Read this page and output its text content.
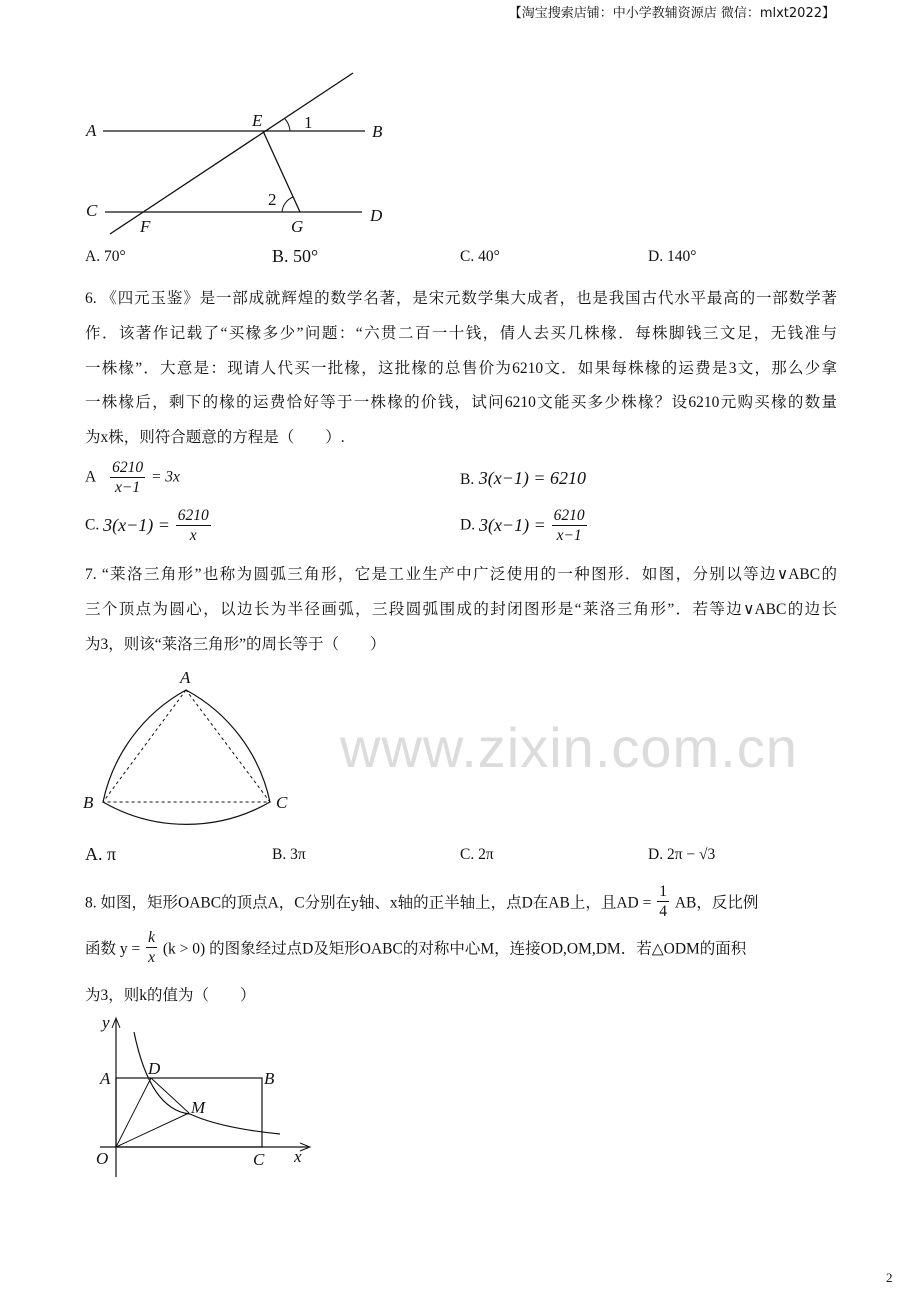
【淘宝搜索店铺：中小学教辅资源店 微信：mlxt2022】
www.zixin.com.cn
A	B
C	D
E
F	G
1
2
A. 70°	B. 50°	C. 40°	D. 140°
6. 《四元玉鉴》是一部成就辉煌的数学名著，是宋元数学集大成者，也是我国古代水平最高的一部数学著
作．该著作记载了“买椽多少”问题：“六贯二百一十钱，倩人去买几株椽．每株脚钱三文足，无钱准与
一株椽”．大意是：现请人代买一批椽，这批椽的总售价为6210文．如果每株椽的运费是3文，那么少拿
一株椽后，剩下的椽的运费恰好等于一株椽的价钱，试问6210文能买多少株椽？设6210元购买椽的数量
为x株，则符合题意的方程是（　　）.
A $\frac{6210}{x-1} = 3x$	B. 3(x−1) = 6210
C. $3(x-1) = \frac{6210}{x}$	D. $3(x-1) = \frac{6210}{x-1}$
7. “莱洛三角形”也称为圆弧三角形，它是工业生产中广泛使用的一种图形．如图，分别以等边∨ABC的
三个顶点为圆心，以边长为半径画弧，三段圆弧围成的封闭图形是“莱洛三角形”．若等边∨ABC的边长
为3，则该“莱洛三角形”的周长等于（　　）
A
B	C
A. π	B. 3π	C. 2π	D. 2π − √3
8. 如图，矩形OABC的顶点A，C分别在y轴、x轴的正半轴上，点D在AB上，且AD = $\frac{1}{4}$ AB，反比例
函数 $y = \frac{k}{x} (k > 0)$ 的图象经过点D及矩形OABC的对称中心M，连接OD,OM,DM．若△ODM的面积
为3，则k的值为（　　）
y
x
O
A	B
C
D
M
2
